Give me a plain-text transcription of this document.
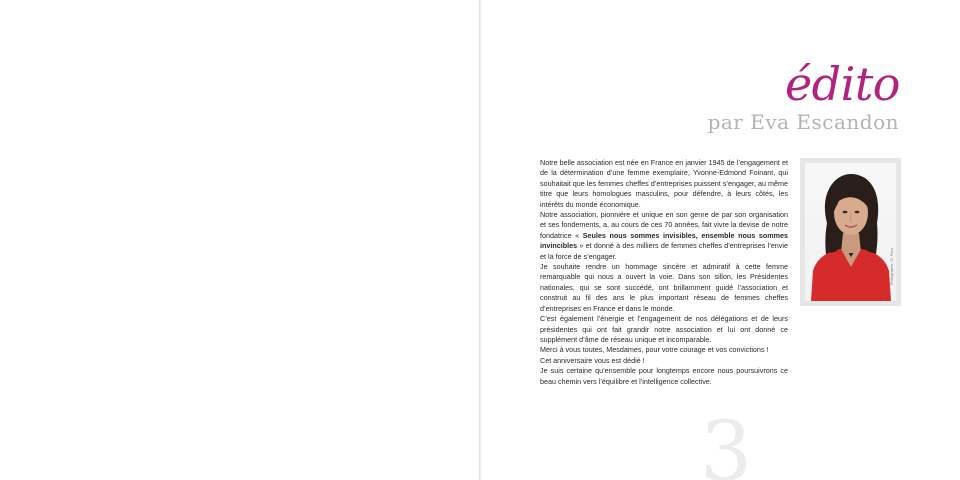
édito
par Eva Escandon

Notre belle association est née en France en janvier 1945 de l’engagement et de la détermination d’une femme exemplaire, Yvonne-Edmond Foinant, qui souhaitait que les femmes cheffes d’entreprises puissent s’engager, au même titre que leurs homologues masculins, pour défendre, à leurs côtés, les intérêts du monde économique.

Notre association, pionnière et unique en son genre de par son organisation et ses fondements, a, au cours de ces 70 années, fait vivre la devise de notre fondatrice « Seules nous sommes invisibles, ensemble nous sommes invincibles » et donné à des milliers de femmes cheffes d’entreprises l’envie et la force de s’engager.

Je souhaite rendre un hommage sincère et admiratif à cette femme remarquable qui nous a ouvert la voie. Dans son sillon, les Présidentes nationales, qui se sont succédé, ont brillamment guidé l’association et construit au fil des ans le plus important réseau de femmes cheffes d’entreprises en France et dans le monde.

C’est également l’énergie et l’engagement de nos délégations et de leurs présidentes qui ont fait grandir notre association et lui ont donné ce supplément d’âme de réseau unique et incomparable.

Merci à vous toutes, Mesdames, pour votre courage et vos convictions !

Cet anniversaire vous est dédié !

Je suis certaine qu’ensemble pour longtemps encore nous poursuivrons ce beau chemin vers l’équilibre et l’intelligence collective.

Photographie : D. Pons
3
